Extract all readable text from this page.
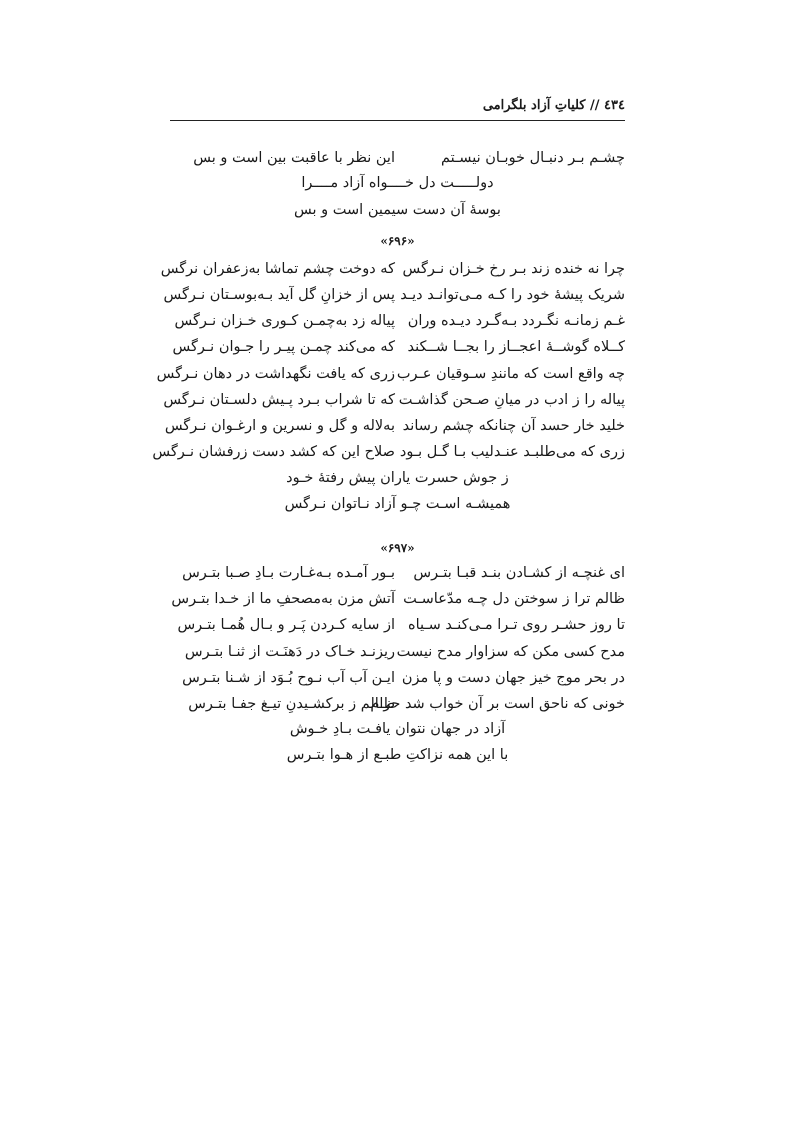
٤٣٤ // کلیاتِ آزاد بلگرامی
چشـم بـر دنبـال خوبـان نیسـتم
این نظر با عاقبت بین است و بس
دولـــــت دل خــــواه آزاد مــــرا
بوسهٔ آن دست سیمین است و بس
«۶۹۶»
چرا نه خنده زند بـر رخ خـزان نـرگس
که دوخت چشم تماشا به‌زعفران نرگس
شریک پیشهٔ خود را کـه مـی‌توانـد دیـد
پس از خزانِ گل آید بـه‌بوسـتان نـرگس
غـم زمانـه نگـردد بـه‌گـرد دیـده وران
پیاله زد به‌چمـن کـوری خـزان نـرگس
کــلاه گوشــهٔ اعجــاز را بجــا شــکند
که می‌کند چمـن پیـر را جـوان نـرگس
چه واقع است که مانندِ سـوقیان عـرب
زری که یافت نگهداشت در دهان نـرگس
پیاله را ز ادب در میانِ صـحن گذاشـت
که تا شراب بـرد پـیش دلسـتان نـرگس
خلید خار حسد آن چنانکه چشم رساند
به‌لاله و گل و نسرین و ارغـوان نـرگس
زری که می‌طلبـد عنـدلیب بـا گـل بـود
صلاح این که کشد دست زرفشان نـرگس
ز جوش حسرت یاران پیش رفتهٔ خـود
همیشـه اسـت چـو آزاد نـاتوان نـرگس
«۶۹۷»
ای غنچـه از کشـادن بنـد قبـا بتـرس
بـور آمـده بـه‌غـارت بـادِ صـبا بتـرس
ظالم ترا ز سوختن دل چـه مدّعاسـت
آتش مزن به‌مصحفِ ما از خـدا بتـرس
تا روز حشـر روی تـرا مـی‌کنـد سـیاه
از سایه کـردن پَـر و بـال هُمـا بتـرس
مدح کسی مکن که سزاوار مدح نیست
ریزنـد خـاک در دَهنَـت از ثنـا بتـرس
در بحر موج خیز جهان دست و پا مزن
ایـن آب آب نـوح بُـوَد از شـنا بتـرس
خونی که ناحق است بر آن خواب شد حرام
ظـالم ز برکشـیدنِ تیـغ جفـا بتـرس
آزاد در جهان نتوان یافـت بـادِ خـوش
با این همه نزاکتِ طبـع از هـوا بتـرس
